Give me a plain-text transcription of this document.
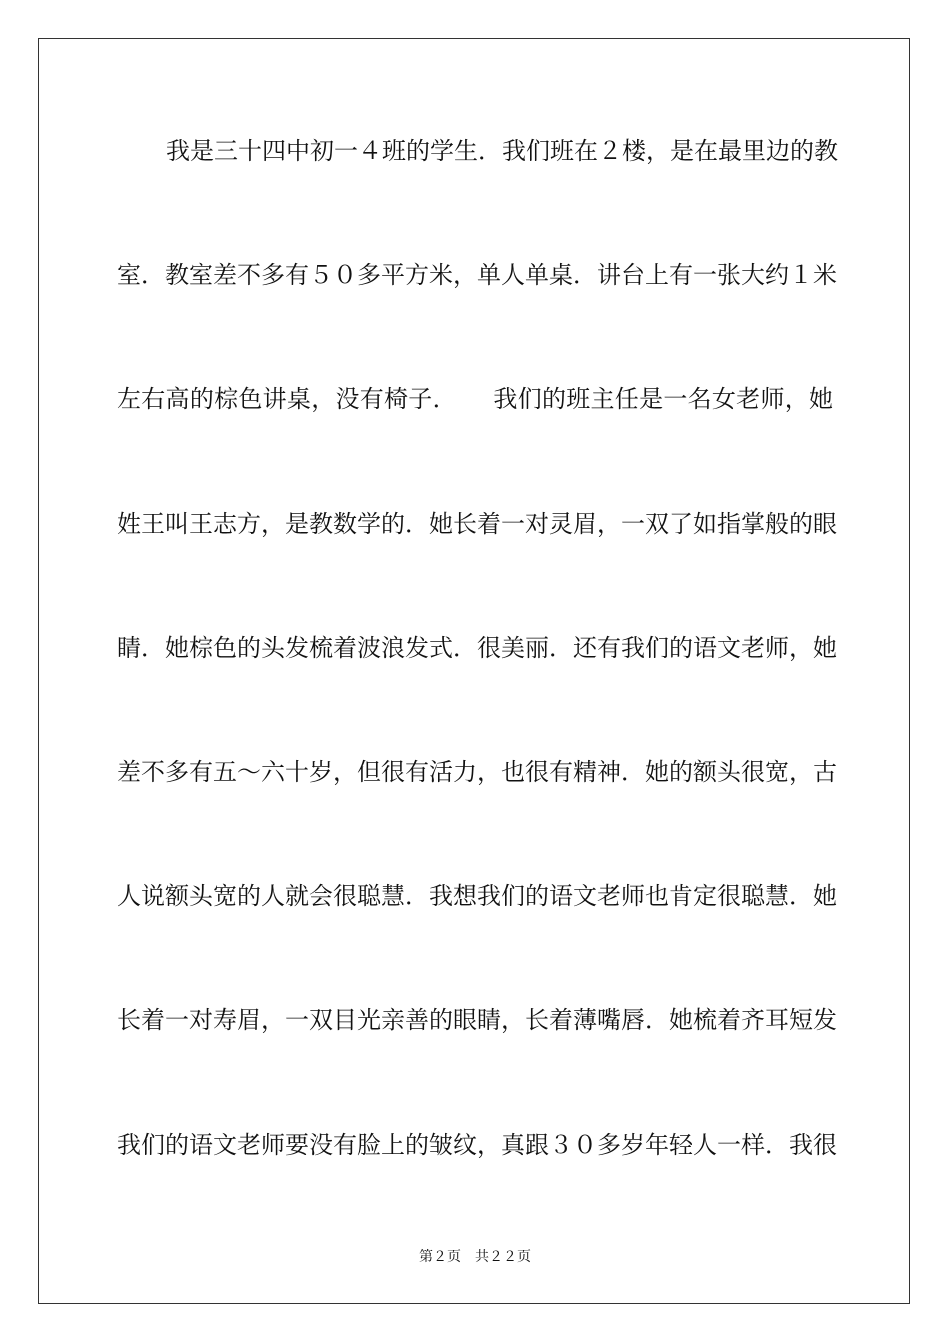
我是三十四中初一４班的学生．我们班在２楼，是在最里边的教
室．教室差不多有５０多平方米，单人单桌．讲台上有一张大约１米
左右高的棕色讲桌，没有椅子．　　我们的班主任是一名女老师，她
姓王叫王志方，是教数学的．她长着一对灵眉，一双了如指掌般的眼
睛．她棕色的头发梳着波浪发式．很美丽．还有我们的语文老师，她
差不多有五～六十岁，但很有活力，也很有精神．她的额头很宽，古
人说额头宽的人就会很聪慧．我想我们的语文老师也肯定很聪慧．她
长着一对寿眉，一双目光亲善的眼睛，长着薄嘴唇．她梳着齐耳短发
我们的语文老师要没有脸上的皱纹，真跟３０多岁年轻人一样．我很
第２页　共２２页
